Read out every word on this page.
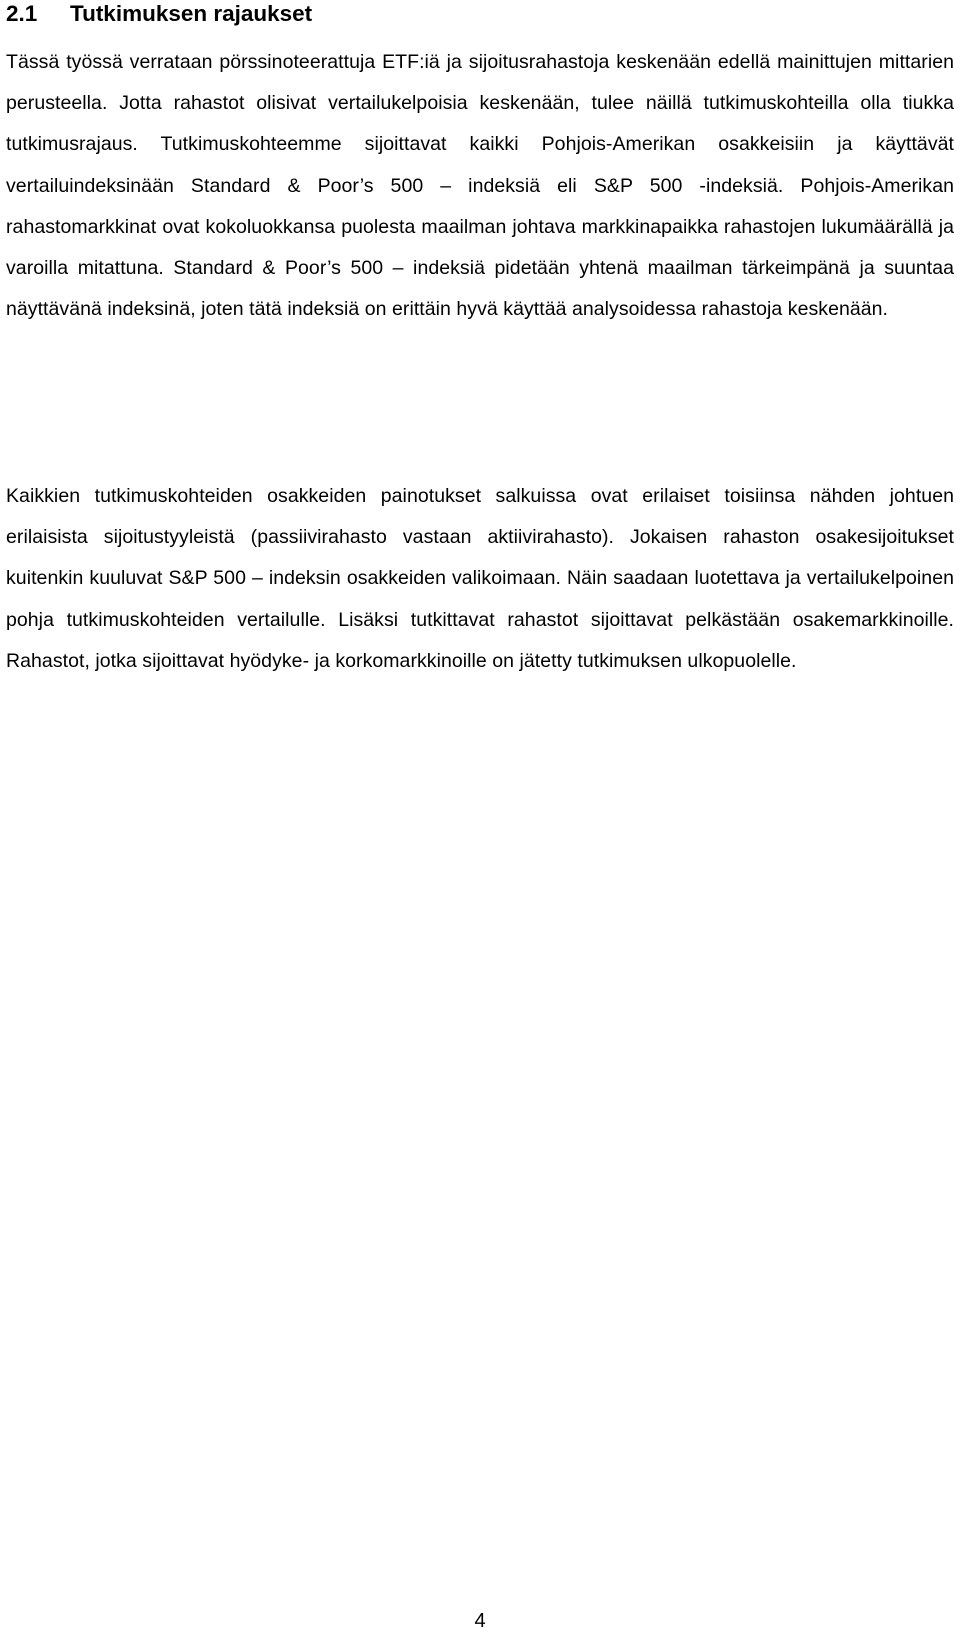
2.1 Tutkimuksen rajaukset

Tässä työssä verrataan pörssinoteerattuja ETF:iä ja sijoitusrahastoja keskenään edellä mainittujen mittarien perusteella. Jotta rahastot olisivat vertailukelpoisia keskenään, tulee näillä tutkimuskohteilla olla tiukka tutkimusrajaus. Tutkimuskohteemme sijoittavat kaikki Pohjois-Amerikan osakkeisiin ja käyttävät vertailuindeksinään Standard & Poor’s 500 – indeksiä eli S&P 500 -indeksiä. Pohjois-Amerikan rahastomarkkinat ovat kokoluokkansa puolesta maailman johtava markkinapaikka rahastojen lukumäärällä ja varoilla mitattuna. Standard & Poor’s 500 – indeksiä pidetään yhtenä maailman tärkeimpänä ja suuntaa näyttävänä indeksinä, joten tätä indeksiä on erittäin hyvä käyttää analysoidessa rahastoja keskenään.

Kaikkien tutkimuskohteiden osakkeiden painotukset salkuissa ovat erilaiset toisiinsa nähden johtuen erilaisista sijoitustyyleistä (passiivirahasto vastaan aktiivirahasto). Jokaisen rahaston osakesijoitukset kuitenkin kuuluvat S&P 500 – indeksin osakkeiden valikoimaan. Näin saadaan luotettava ja vertailukelpoinen pohja tutkimuskohteiden vertailulle. Lisäksi tutkittavat rahastot sijoittavat pelkästään osakemarkkinoille. Rahastot, jotka sijoittavat hyödyke- ja korkomarkkinoille on jätetty tutkimuksen ulkopuolelle.

4
